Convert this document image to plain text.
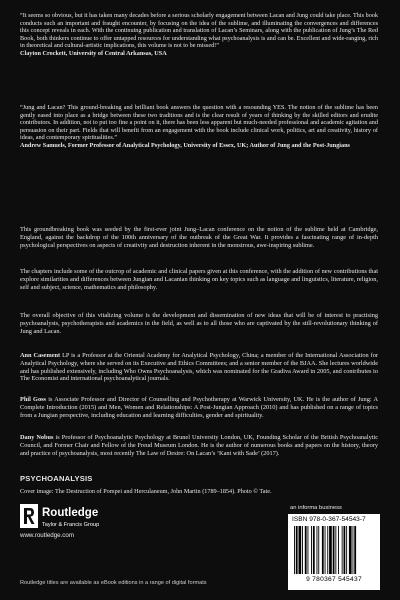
“It seems so obvious, but it has taken many decades before a serious scholarly engagement between Lacan and Jung could take place. This book conducts such an important and fraught encounter, by focusing on the idea of the sublime, and illuminating the convergences and differences this concept reveals in each. With the continuing publication and translation of Lacan’s Seminars, along with the publication of Jung’s The Red Book, both thinkers continue to offer untapped resources for understanding what psychoanalysis is and can be. Excellent and wide-ranging, rich in theoretical and cultural-artistic implications, this volume is not to be missed!”
Clayton Crockett, University of Central Arkansas, USA
“Jung and Lacan? This ground-breaking and brilliant book answers the question with a resounding YES. The notion of the sublime has been gently eased into place as a bridge between these two traditions and is the clear result of years of thinking by the skilled editors and erudite contributors. In addition, not to put too fine a point on it, there has been less apparent but much-needed professional and academic agitation and persuasion on their part. Fields that will benefit from an engagement with the book include clinical work, politics, art and creativity, history of ideas, and contemporary spiritualities.”
Andrew Samuels, Former Professor of Analytical Psychology, University of Essex, UK; Author of Jung and the Post-Jungians
This groundbreaking book was seeded by the first-ever joint Jung–Lacan conference on the notion of the sublime held at Cambridge, England, against the backdrop of the 100th anniversary of the outbreak of the Great War. It provides a fascinating range of in-depth psychological perspectives on aspects of creativity and destruction inherent in the monstrous, awe-inspiring sublime.
The chapters include some of the outcrop of academic and clinical papers given at this conference, with the addition of new contributions that explore similarities and differences between Jungian and Lacanian thinking on key topics such as language and linguistics, literature, religion, self and subject, science, mathematics and philosophy.
The overall objective of this vitalizing volume is the development and dissemination of new ideas that will be of interest to practising psychoanalysts, psychotherapists and academics in the field, as well as to all those who are captivated by the still-revolutionary thinking of Jung and Lacan.
Ann Casement LP is a Professor at the Oriental Academy for Analytical Psychology, China; a member of the International Association for Analytical Psychology, where she served on its Executive and Ethics Committees; and a senior member of the BJAA. She lectures worldwide and has published extensively, including Who Owns Psychoanalysis, which was nominated for the Gradiva Award in 2005, and contributes to The Economist and international psychoanalytical journals.
Phil Goss is Associate Professor and Director of Counselling and Psychotherapy at Warwick University, UK. He is the author of Jung: A Complete Introduction (2015) and Men, Women and Relationships: A Post-Jungian Approach (2010) and has published on a range of topics from a Jungian perspective, including education and learning difficulties, gender and spirituality.
Dany Nobus is Professor of Psychoanalytic Psychology at Brunel University London, UK, Founding Scholar of the British Psychoanalytic Council, and Former Chair and Fellow of the Freud Museum London. He is the author of numerous books and papers on the history, theory and practice of psychoanalysis, most recently The Law of Desire: On Lacan’s ‘Kant with Sade’ (2017).
PSYCHOANALYSIS
Cover image: The Destruction of Pompei and Herculaneum, John Martin (1789–1854). Photo © Tate.
Routledge
Taylor & Francis Group
www.routledge.com
Routledge titles are available as eBook editions in a range of digital formats
an informa business
ISBN 978-0-367-54543-7
9 780367 545437
